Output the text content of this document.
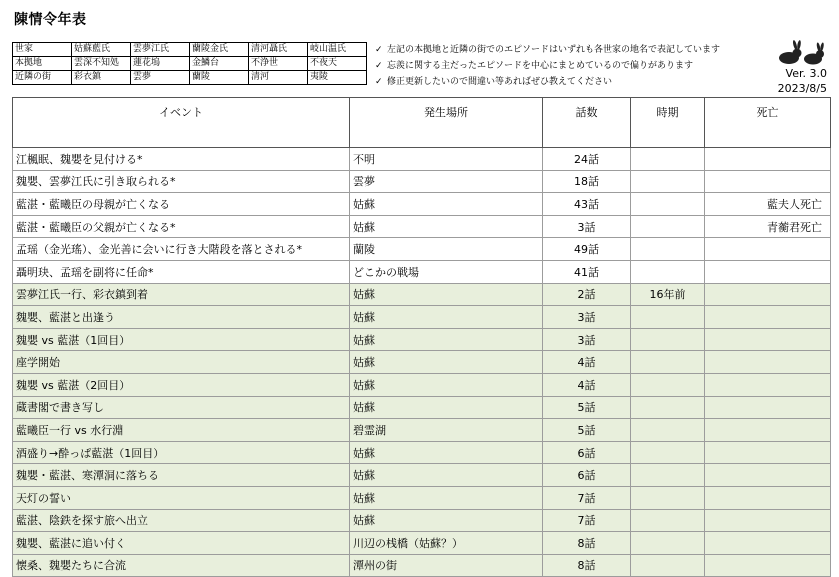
陳情令年表
世家	姑蘇藍氏	雲夢江氏	蘭陵金氏	清河聶氏	岐山温氏
本拠地	雲深不知処	蓮花塢	金鱗台	不浄世	不夜天
近隣の街	彩衣鎮	雲夢	蘭陵	清河	夷陵
✓ 左記の本拠地と近隣の街でのエピソードはいずれも各世家の地名で表記しています
✓ 忘羨に関する主だったエピソードを中心にまとめているので偏りがあります
✓ 修正更新したいので間違い等あればぜひ教えてください
Ver. 3.0
2023/8/5
イベント	発生場所	話数	時期	死亡
江楓眠、魏嬰を見付ける*	不明	24話		
魏嬰、雲夢江氏に引き取られる*	雲夢	18話		
藍湛・藍曦臣の母親が亡くなる	姑蘇	43話		藍夫人死亡
藍湛・藍曦臣の父親が亡くなる*	姑蘇	3話		青蘅君死亡
孟瑶（金光瑤）、金光善に会いに行き大階段を落とされる*	蘭陵	49話		
聶明玦、孟瑶を副将に任命*	どこかの戦場	41話		
雲夢江氏一行、彩衣鎮到着	姑蘇	2話	16年前	
魏嬰、藍湛と出逢う	姑蘇	3話		
魏嬰 vs 藍湛（1回目）	姑蘇	3話		
座学開始	姑蘇	4話		
魏嬰 vs 藍湛（2回目）	姑蘇	4話		
蔵書閣で書き写し	姑蘇	5話		
藍曦臣一行 vs 水行淵	碧霊湖	5話		
酒盛り→酔っぱ藍湛（1回目）	姑蘇	6話		
魏嬰・藍湛、寒潭洞に落ちる	姑蘇	6話		
天灯の誓い	姑蘇	7話		
藍湛、陰鉄を探す旅へ出立	姑蘇	7話		
魏嬰、藍湛に追い付く	川辺の桟橋（姑蘇？）	8話		
懐桑、魏嬰たちに合流	潭州の街	8話		
